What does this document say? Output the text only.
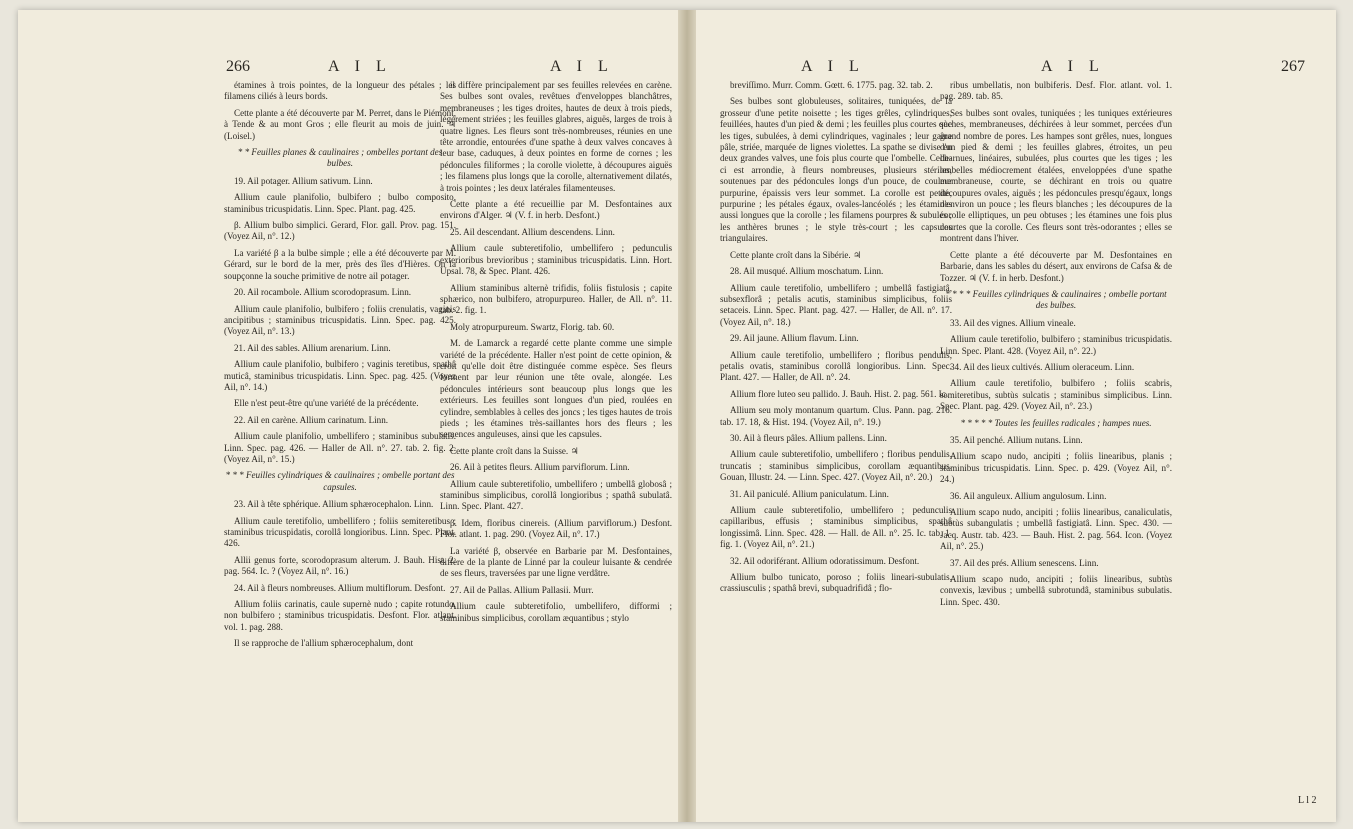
266	A I L	A I L

étamines à trois pointes, de la longueur des pétales ; les filamens ciliés à leurs bords.

Cette plante a été découverte par M. Perret, dans le Piémont, à Tende & au mont Gros ; elle fleurit au mois de juin. ♃ (Loisel.)

* * Feuilles planes & caulinaires ; ombelles portant des bulbes.

19. Ail potager. Allium sativum. Linn.

Allium caule planifolio, bulbifero ; bulbo composito, staminibus tricuspidatis. Linn. Spec. Plant. pag. 425.

β. Allium bulbo simplici. Gerard, Flor. gall. Prov. pag. 151. (Voyez Ail, n°. 12.)

La variété β a la bulbe simple ; elle a été découverte par M. Gérard, sur le bord de la mer, près des îles d'Hières. On la soupçonne la souche primitive de notre ail potager.

20. Ail rocambole. Allium scorodoprasum. Linn.

Allium caule planifolio, bulbifero ; foliis crenulatis, vaginis ancipitibus ; staminibus tricuspidatis. Linn. Spec. pag. 425. (Voyez Ail, n°. 13.)

21. Ail des sables. Allium arenarium. Linn.

Allium caule planifolio, bulbifero ; vaginis teretibus, spathâ muticâ, staminibus tricuspidatis. Linn. Spec. pag. 425. (Voyez Ail, n°. 14.)

Elle n'est peut-être qu'une variété de la précédente.

22. Ail en carène. Allium carinatum. Linn.

Allium caule planifolio, umbellifero ; staminibus subulatis. Linn. Spec. pag. 426. — Haller de All. n°. 27. tab. 2. fig. 2. (Voyez Ail, n°. 15.)

* * * Feuilles cylindriques & caulinaires ; ombelle portant des capsules.

23. Ail à tête sphérique. Allium sphærocephalon. Linn.

Allium caule teretifolio, umbellifero ; foliis semiteretibus ; staminibus tricuspidatis, corollâ longioribus. Linn. Spec. Plant. 426.

Allii genus forte, scorodoprasum alterum. J. Bauh. Hist. 2. pag. 564. Ic. ? (Voyez Ail, n°. 16.)

24. Ail à fleurs nombreuses. Allium multiflorum. Desfont.

Allium foliis carinatis, caule supernè nudo ; capite rotundo, non bulbifero ; staminibus tricuspidatis. Desfont. Flor. atlant. vol. 1. pag. 288.

Il se rapproche de l'allium sphærocephalum, dont

il diffère principalement par ses feuilles relevées en carène. Ses bulbes sont ovales, revêtues d'enveloppes blanchâtres, membraneuses ; les tiges droites, hautes de deux à trois pieds, légèrement striées ; les feuilles glabres, aiguës, larges de trois à quatre lignes. Les fleurs sont très-nombreuses, réunies en une tête arrondie, entourées d'une spathe à deux valves concaves à leur base, caduques, à deux pointes en forme de cornes ; les pédoncules filiformes ; la corolle violette, à découpures aiguës ; les filamens plus longs que la corolle, alternativement dilatés, à trois pointes ; les deux latérales filamenteuses.

Cette plante a été recueillie par M. Desfontaines aux environs d'Alger. ♃ (V. f. in herb. Desfont.)

25. Ail descendant. Allium descendens. Linn.

Allium caule subteretifolio, umbellifero ; pedunculis exterioribus brevioribus ; staminibus tricuspidatis. Linn. Hort. Upsal. 78, & Spec. Plant. 426.

Allium staminibus alternè trifidis, foliis fistulosis ; capite sphærico, non bulbifero, atropurpureo. Haller, de All. n°. 11. tab. 2. fig. 1.

Moly atropurpureum. Swartz, Florig. tab. 60.

M. de Lamarck a regardé cette plante comme une simple variété de la précédente. Haller n'est point de cette opinion, & croit qu'elle doit être distinguée comme espèce. Ses fleurs forment par leur réunion une tête ovale, alongée. Les pédoncules intérieurs sont beaucoup plus longs que les extérieurs. Les feuilles sont longues d'un pied, roulées en cylindre, semblables à celles des joncs ; les tiges hautes de trois pieds ; les étamines très-saillantes hors des fleurs ; les semences anguleuses, ainsi que les capsules.

Cette plante croît dans la Suisse. ♃

26. Ail à petites fleurs. Allium parviflorum. Linn.

Allium caule subteretifolio, umbellifero ; umbellâ globosâ ; staminibus simplicibus, corollâ longioribus ; spathâ subulatâ. Linn. Spec. Plant. 427.

β. Idem, floribus cinereis. (Allium parviflorum.) Desfont. Flor. atlant. 1. pag. 290. (Voyez Ail, n°. 17.)

La variété β, observée en Barbarie par M. Desfontaines, diffère de la plante de Linné par la couleur luisante & cendrée de ses fleurs, traversées par une ligne verdâtre.

27. Ail de Pallas. Allium Pallasii. Murr.

Allium caule subteretifolio, umbellifero, difformi ; staminibus simplicibus, corollam æquantibus ; stylo

A I L	A I L	267

breviſſimo. Murr. Comm. Gœtt. 6. 1775. pag. 32. tab. 2.

Ses bulbes sont globuleuses, solitaires, tuniquées, de la grosseur d'une petite noisette ; les tiges grêles, cylindriques, feuillées, hautes d'un pied & demi ; les feuilles plus courtes que les tiges, subulées, à demi cylindriques, vaginales ; leur gaîne pâle, striée, marquée de lignes violettes. La spathe se divise en deux grandes valves, une fois plus courte que l'ombelle. Celle-ci est arrondie, à fleurs nombreuses, plusieurs stériles, soutenues par des pédoncules longs d'un pouce, de couleur purpurine, épaissis vers leur sommet. La corolle est petite, purpurine ; les pétales égaux, ovales-lancéolés ; les étamines aussi longues que la corolle ; les filamens pourpres & subulés ; les anthères brunes ; le style très-court ; les capsules triangulaires.

Cette plante croît dans la Sibérie. ♃

28. Ail musqué. Allium moschatum. Linn.

Allium caule teretifolio, umbellifero ; umbellâ fastigiatâ, subsexflorâ ; petalis acutis, staminibus simplicibus, foliis setaceis. Linn. Spec. Plant. pag. 427. — Haller, de All. n°. 17. (Voyez Ail, n°. 18.)

29. Ail jaune. Allium flavum. Linn.

Allium caule teretifolio, umbellifero ; floribus pendulis, petalis ovatis, staminibus corollâ longioribus. Linn. Spec. Plant. 427. — Haller, de All. n°. 24.

Allium flore luteo seu pallido. J. Bauh. Hist. 2. pag. 561. Ic.

Allium seu moly montanum quartum. Clus. Pann. pag. 216. tab. 17. 18, & Hist. 194. (Voyez Ail, n°. 19.)

30. Ail à fleurs pâles. Allium pallens. Linn.

Allium caule subteretifolio, umbellifero ; floribus pendulis, truncatis ; staminibus simplicibus, corollam æquantibus. Gouan, Illustr. 24. — Linn. Spec. 427. (Voyez Ail, n°. 20.)

31. Ail paniculé. Allium paniculatum. Linn.

Allium caule subteretifolio, umbellifero ; pedunculis capillaribus, effusis ; staminibus simplicibus, spathâ longissimâ. Linn. Spec. 428. — Hall. de All. n°. 25. Ic. tab. 1. fig. 1. (Voyez Ail, n°. 21.)

32. Ail odoriférant. Allium odoratissimum. Desfont.

Allium bulbo tunicato, poroso ; foliis lineari-subulatis, crassiusculis ; spathâ brevi, subquadrifidâ ; flo-

ribus umbellatis, non bulbiferis. Desf. Flor. atlant. vol. 1. pag. 289. tab. 85.

Ses bulbes sont ovales, tuniquées ; les tuniques extérieures sèches, membraneuses, déchirées à leur sommet, percées d'un grand nombre de pores. Les hampes sont grêles, nues, longues d'un pied & demi ; les feuilles glabres, étroites, un peu charnues, linéaires, subulées, plus courtes que les tiges ; les ombelles médiocrement étalées, enveloppées d'une spathe membraneuse, courte, se déchirant en trois ou quatre découpures ovales, aiguës ; les pédoncules presqu'égaux, longs d'environ un pouce ; les fleurs blanches ; les découpures de la corolle elliptiques, un peu obtuses ; les étamines une fois plus courtes que la corolle. Ces fleurs sont très-odorantes ; elles se montrent dans l'hiver.

Cette plante a été découverte par M. Desfontaines en Barbarie, dans les sables du désert, aux environs de Cafsa & de Tozzer. ♃ (V. f. in herb. Desfont.)

* * * * Feuilles cylindriques & caulinaires ; ombelle portant des bulbes.

33. Ail des vignes. Allium vineale.

Allium caule teretifolio, bulbifero ; staminibus tricuspidatis. Linn. Spec. Plant. 428. (Voyez Ail, n°. 22.)

34. Ail des lieux cultivés. Allium oleraceum. Linn.

Allium caule teretifolio, bulbifero ; foliis scabris, semiteretibus, subtùs sulcatis ; staminibus simplicibus. Linn. Spec. Plant. pag. 429. (Voyez Ail, n°. 23.)

* * * * * Toutes les feuilles radicales ; hampes nues.

35. Ail penché. Allium nutans. Linn.

Allium scapo nudo, ancipiti ; foliis linearibus, planis ; staminibus tricuspidatis. Linn. Spec. p. 429. (Voyez Ail, n°. 24.)

36. Ail anguleux. Allium angulosum. Linn.

Allium scapo nudo, ancipiti ; foliis linearibus, canaliculatis, subtùs subangulatis ; umbellâ fastigiatâ. Linn. Spec. 430. — Jacq. Austr. tab. 423. — Bauh. Hist. 2. pag. 564. Icon. (Voyez Ail, n°. 25.)

37. Ail des prés. Allium senescens. Linn.

Allium scapo nudo, ancipiti ; foliis linearibus, subtùs convexis, lævibus ; umbellâ subrotundâ, staminibus subulatis. Linn. Spec. 430.

L l 2
